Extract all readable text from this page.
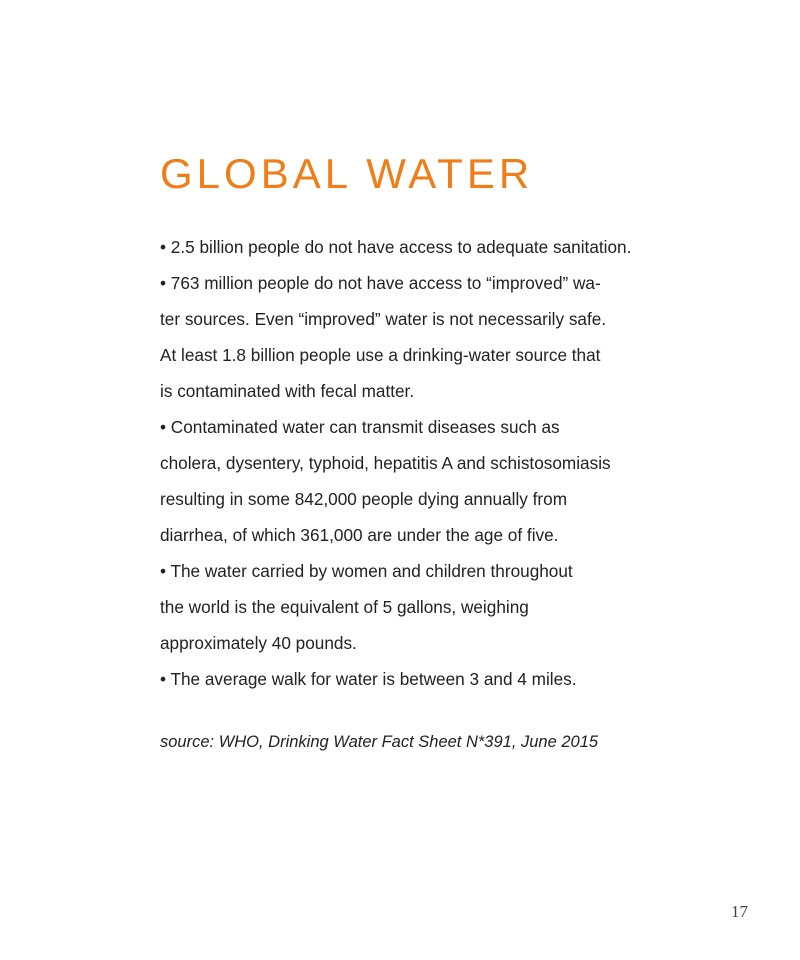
GLOBAL WATER
• 2.5 billion people do not have access to adequate sanitation.
• 763 million people do not have access to “improved” wa-
ter sources. Even “improved” water is not necessarily safe.
At least 1.8 billion people use a drinking-water source that
is contaminated with fecal matter.
• Contaminated water can transmit diseases such as
cholera, dysentery, typhoid, hepatitis A and schistosomiasis
resulting in some 842,000 people dying annually from
diarrhea, of which 361,000 are under the age of five.
• The water carried by women and children throughout
the world is the equivalent of 5 gallons, weighing
approximately 40 pounds.
• The average walk for water is between 3 and 4 miles.
source: WHO, Drinking Water Fact Sheet N*391, June 2015
17
